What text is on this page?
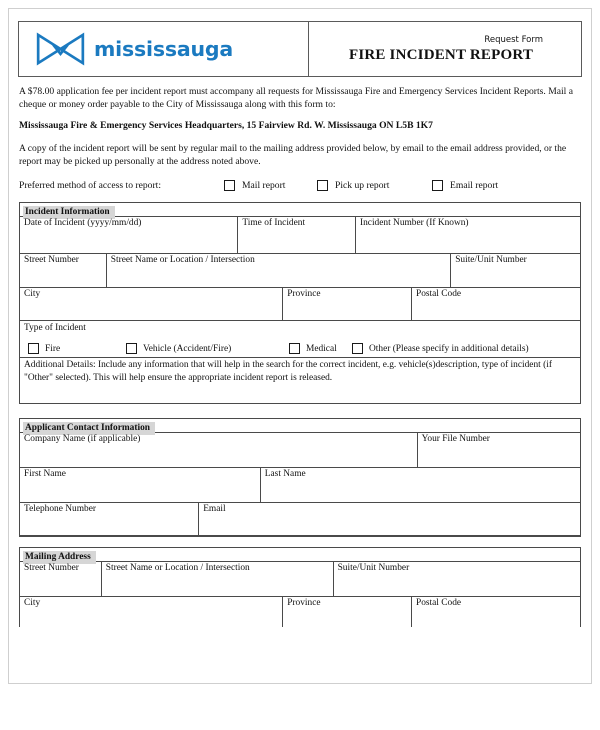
mississauga	Request Form
FIRE INCIDENT REPORT

A $78.00 application fee per incident report must accompany all requests for Mississauga Fire and Emergency Services Incident Reports. Mail a cheque or money order payable to the City of Mississauga along with this form to:

Mississauga Fire & Emergency Services Headquarters, 15 Fairview Rd. W. Mississauga ON L5B 1K7

A copy of the incident report will be sent by regular mail to the mailing address provided below, by email to the email address provided, or the report may be picked up personally at the address noted above.

Preferred method of access to report:	Mail report	Pick up report	Email report
Incident Information
Date of Incident (yyyy/mm/dd)	Time of Incident	Incident Number (If Known)
Street Number	Street Name or Location / Intersection	Suite/Unit Number
City	Province	Postal Code
Type of Incident
Fire	Vehicle (Accident/Fire)	Medical	Other (Please specify in additional details)
Additional Details: Include any information that will help in the search for the correct incident, e.g. vehicle(s)description, type of incident (if "Other" selected). This will help ensure the appropriate incident report is released.
Applicant Contact Information
Company Name (if applicable)	Your File Number
First Name	Last Name
Telephone Number	Email
Mailing Address
Street Number	Street Name or Location / Intersection	Suite/Unit Number
City	Province	Postal Code
